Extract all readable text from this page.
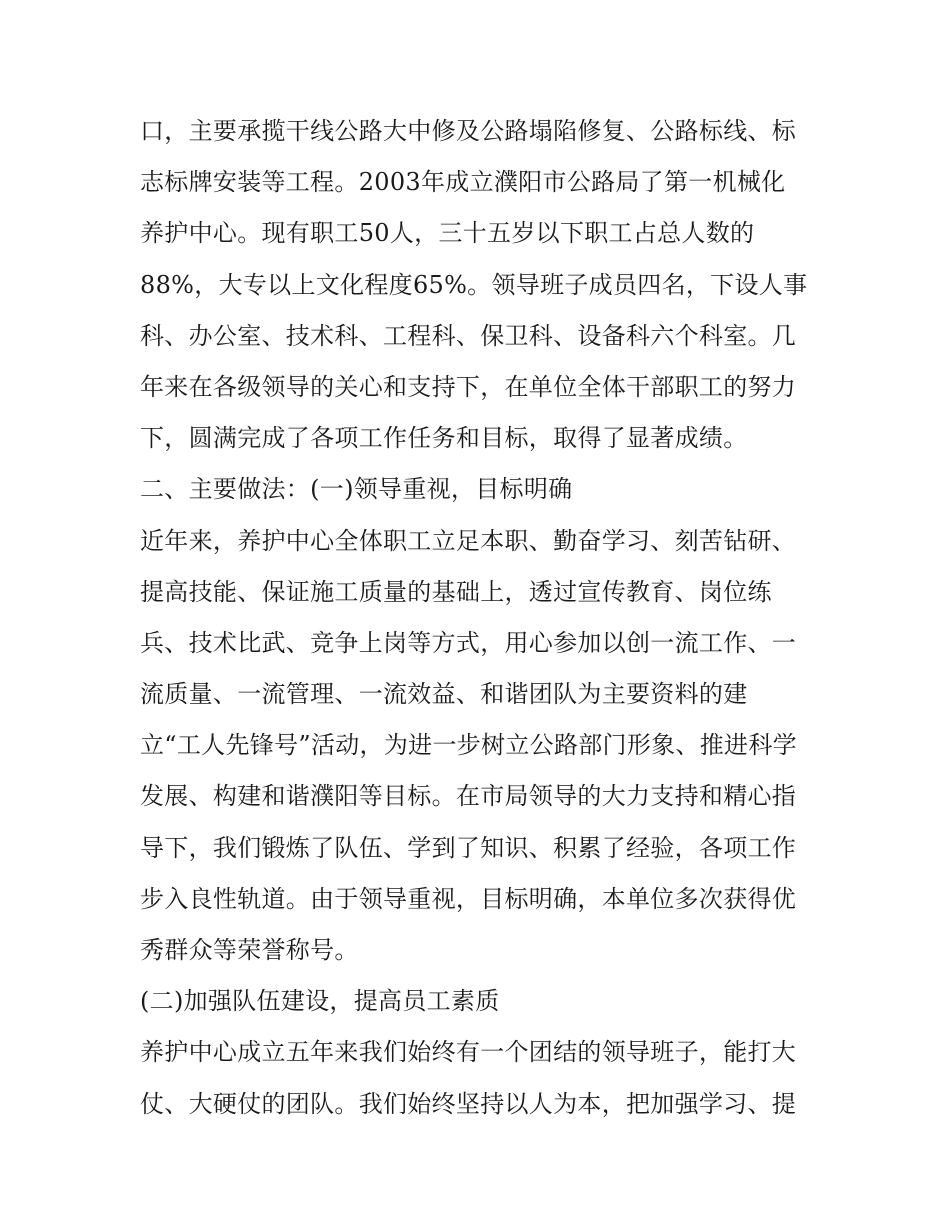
口，主要承揽干线公路大中修及公路塌陷修复、公路标线、标
志标牌安装等工程。2003年成立濮阳市公路局了第一机械化
养护中心。现有职工50人，三十五岁以下职工占总人数的
88%，大专以上文化程度65%。领导班子成员四名，下设人事
科、办公室、技术科、工程科、保卫科、设备科六个科室。几
年来在各级领导的关心和支持下，在单位全体干部职工的努力
下，圆满完成了各项工作任务和目标，取得了显著成绩。
二、主要做法：(一)领导重视，目标明确
近年来，养护中心全体职工立足本职、勤奋学习、刻苦钻研、
提高技能、保证施工质量的基础上，透过宣传教育、岗位练
兵、技术比武、竞争上岗等方式，用心参加以创一流工作、一
流质量、一流管理、一流效益、和谐团队为主要资料的建
立“工人先锋号”活动，为进一步树立公路部门形象、推进科学
发展、构建和谐濮阳等目标。在市局领导的大力支持和精心指
导下，我们锻炼了队伍、学到了知识、积累了经验，各项工作
步入良性轨道。由于领导重视，目标明确，本单位多次获得优
秀群众等荣誉称号。
(二)加强队伍建设，提高员工素质
养护中心成立五年来我们始终有一个团结的领导班子，能打大
仗、大硬仗的团队。我们始终坚持以人为本，把加强学习、提
